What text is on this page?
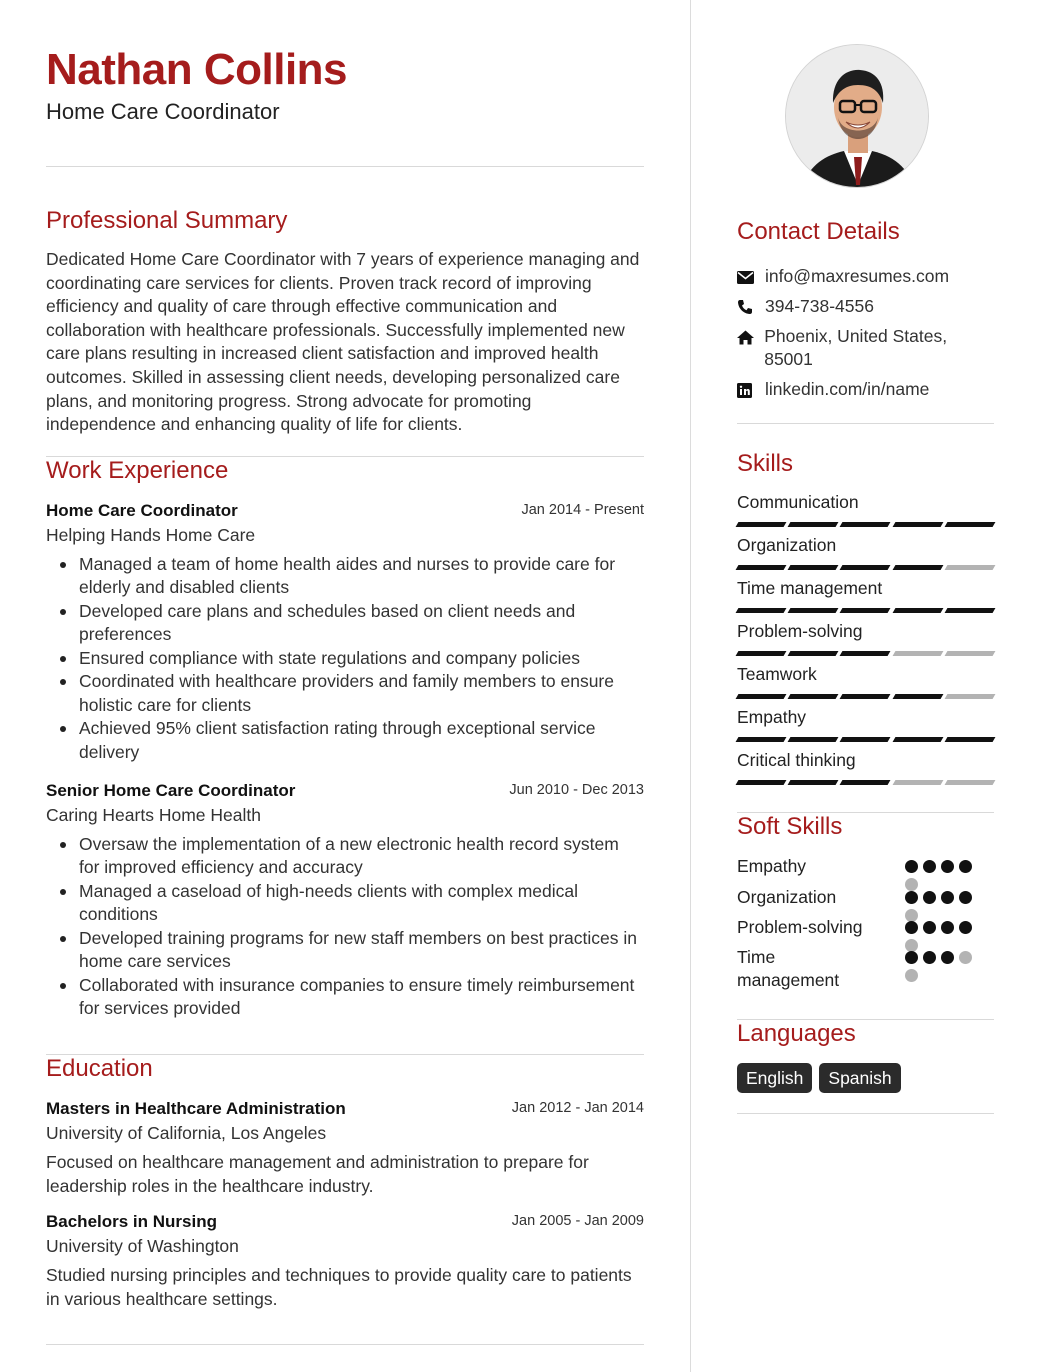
Nathan Collins
Home Care Coordinator
Professional Summary
Dedicated Home Care Coordinator with 7 years of experience managing and coordinating care services for clients. Proven track record of improving efficiency and quality of care through effective communication and collaboration with healthcare professionals. Successfully implemented new care plans resulting in increased client satisfaction and improved health outcomes. Skilled in assessing client needs, developing personalized care plans, and monitoring progress. Strong advocate for promoting independence and enhancing quality of life for clients.
Work Experience
Home Care Coordinator	Jan 2014 - Present
Helping Hands Home Care
Managed a team of home health aides and nurses to provide care for elderly and disabled clients
Developed care plans and schedules based on client needs and preferences
Ensured compliance with state regulations and company policies
Coordinated with healthcare providers and family members to ensure holistic care for clients
Achieved 95% client satisfaction rating through exceptional service delivery
Senior Home Care Coordinator	Jun 2010 - Dec 2013
Caring Hearts Home Health
Oversaw the implementation of a new electronic health record system for improved efficiency and accuracy
Managed a caseload of high-needs clients with complex medical conditions
Developed training programs for new staff members on best practices in home care services
Collaborated with insurance companies to ensure timely reimbursement for services provided
Education
Masters in Healthcare Administration	Jan 2012 - Jan 2014
University of California, Los Angeles
Focused on healthcare management and administration to prepare for leadership roles in the healthcare industry.
Bachelors in Nursing	Jan 2005 - Jan 2009
University of Washington
Studied nursing principles and techniques to provide quality care to patients in various healthcare settings.
Contact Details
info@maxresumes.com
394-738-4556
Phoenix, United States, 85001
linkedin.com/in/name
Skills
Communication
Organization
Time management
Problem-solving
Teamwork
Empathy
Critical thinking
Soft Skills
Empathy
Organization
Problem-solving
Time management
Languages
English	Spanish
